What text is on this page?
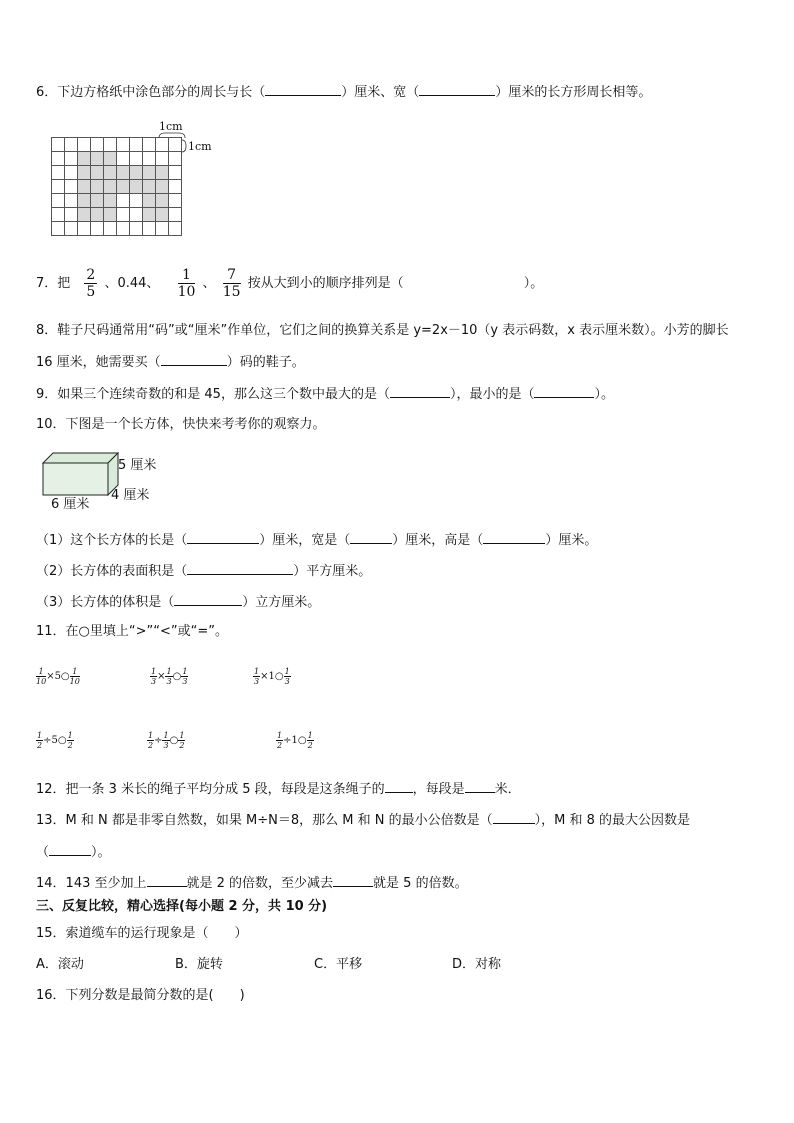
6．下边方格纸中涂色部分的周长与长（	）厘米、宽（	）厘米的长方形周长相等。
1cm
1cm
7．把 $\frac{2}{5}$ 、0.44、 $\frac{1}{10}$ 、 $\frac{7}{15}$ 按从大到小的顺序排列是（	）。
8．鞋子尺码通常用“码”或“厘米”作单位，它们之间的换算关系是 y=2x－10（y 表示码数，x 表示厘米数）。小芳的脚长
16 厘米，她需要买（	）码的鞋子。
9．如果三个连续奇数的和是 45，那么这三个数中最大的是（	），最小的是（	）。
10．下图是一个长方体，快快来考考你的观察力。
5 厘米
4 厘米
6 厘米
（1）这个长方体的长是（	）厘米，宽是（	）厘米，高是（	）厘米。
（2）长方体的表面积是（	）平方厘米。
（3）长方体的体积是（	）立方厘米。
11．在○里填上“>”“<”或“=”。
$\frac{1}{10}$ ×5○ $\frac{1}{10}$	$\frac{1}{3} \times \frac{1}{3}$ ○ $\frac{1}{3}$	$\frac{1}{3}$ ×1○ $\frac{1}{3}$
$\frac{1}{2}$ ÷5○ $\frac{1}{2}$	$\frac{1}{2} \div \frac{1}{3}$ ○ $\frac{1}{2}$	$\frac{1}{2}$ ÷1○ $\frac{1}{2}$
12．把一条 3 米长的绳子平均分成 5 段，每段是这条绳子的 ，每段是 米．
13．M 和 N 都是非零自然数，如果 M÷N＝8，那么 M 和 N 的最小公倍数是（	），M 和 8 的最大公因数是
（	）。
14．143 至少加上	就是 2 的倍数，至少减去	就是 5 的倍数。
三、反复比较，精心选择(每小题 2 分，共 10 分)
15．索道缆车的运行现象是（　　）
A．滚动	B．旋转	C．平移	D．对称
16．下列分数是最简分数的是(　　)
